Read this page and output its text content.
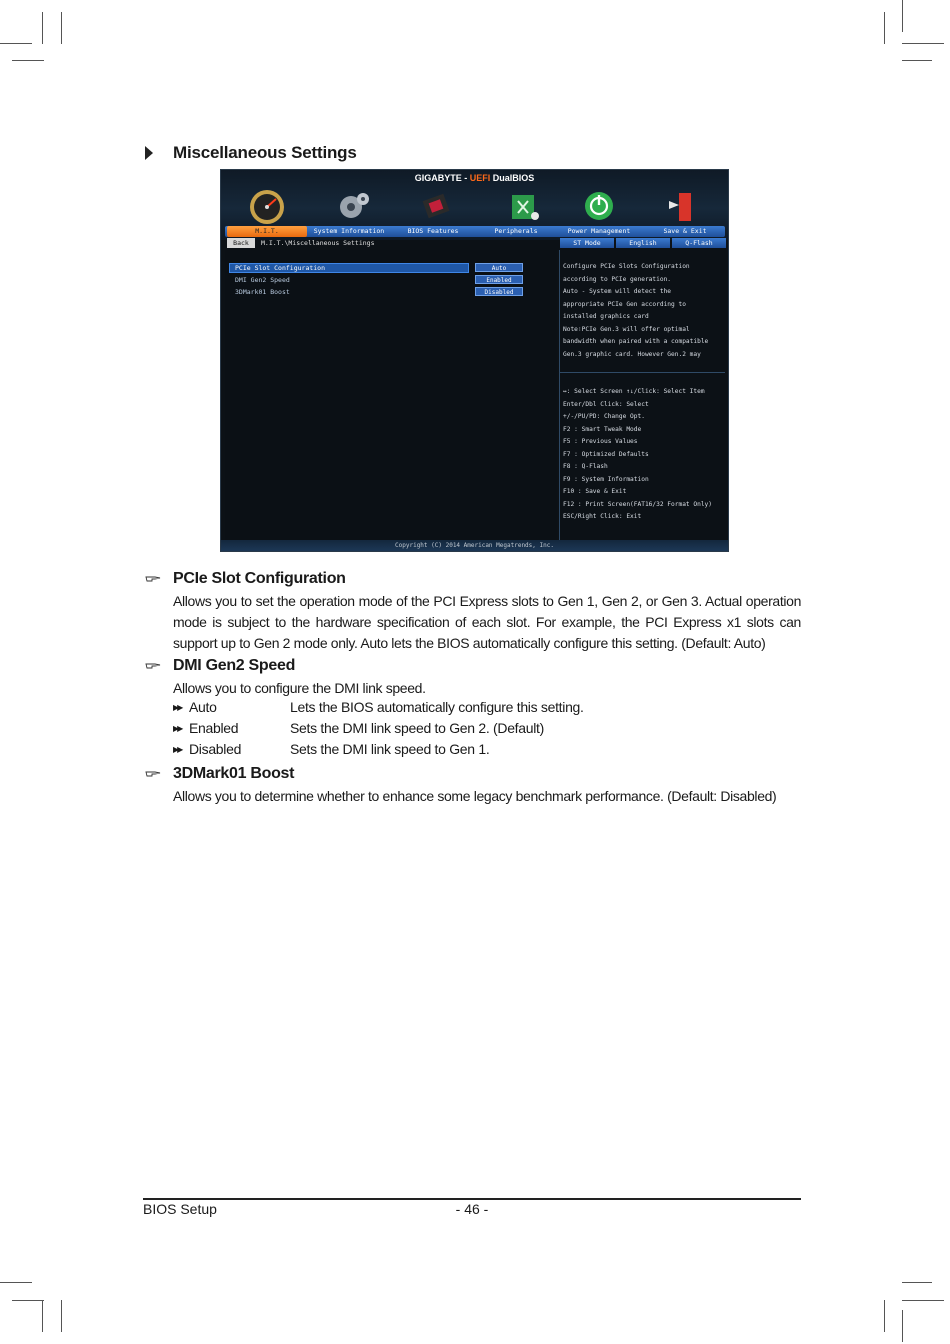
Miscellaneous Settings
GIGABYTE - UEFI DualBIOS
M.I.T.	System Information	BIOS Features	Peripherals	Power Management	Save & Exit
Back	M.I.T.\Miscellaneous Settings	ST Mode	English	Q-Flash
PCIe Slot Configuration	Auto
DMI Gen2 Speed	Enabled
3DMark01 Boost	Disabled
Configure PCIe Slots Configuration
according to PCIe generation.
Auto - System will detect the
appropriate PCIe Gen according to
installed graphics card
Note∶PCIe Gen.3 will offer optimal
bandwidth when paired with a compatible
Gen.3 graphic card. However Gen.2 may
↔: Select Screen ↑↓/Click: Select Item
Enter/Dbl Click: Select
+/-/PU/PD: Change Opt.
F2 : Smart Tweak Mode
F5 : Previous Values
F7 : Optimized Defaults
F8 : Q-Flash
F9 : System Information
F10 : Save & Exit
F12 : Print Screen(FAT16/32 Format Only)
ESC/Right Click: Exit
Copyright (C) 2014 American Megatrends, Inc.
PCIe Slot Configuration
Allows you to set the operation mode of the PCI Express slots to Gen 1, Gen 2, or Gen 3. Actual operation mode is subject to the hardware specification of each slot. For example, the PCI Express x1 slots can support up to Gen 2 mode only. Auto lets the BIOS automatically configure this setting. (Default: Auto)
DMI Gen2 Speed
Allows you to configure the DMI link speed.
▶▶ Auto	Lets the BIOS automatically configure this setting.
▶▶ Enabled	Sets the DMI link speed to Gen 2. (Default)
▶▶ Disabled	Sets the DMI link speed to Gen 1.
3DMark01 Boost
Allows you to determine whether to enhance some legacy benchmark performance. (Default: Disabled)
BIOS Setup	- 46 -
